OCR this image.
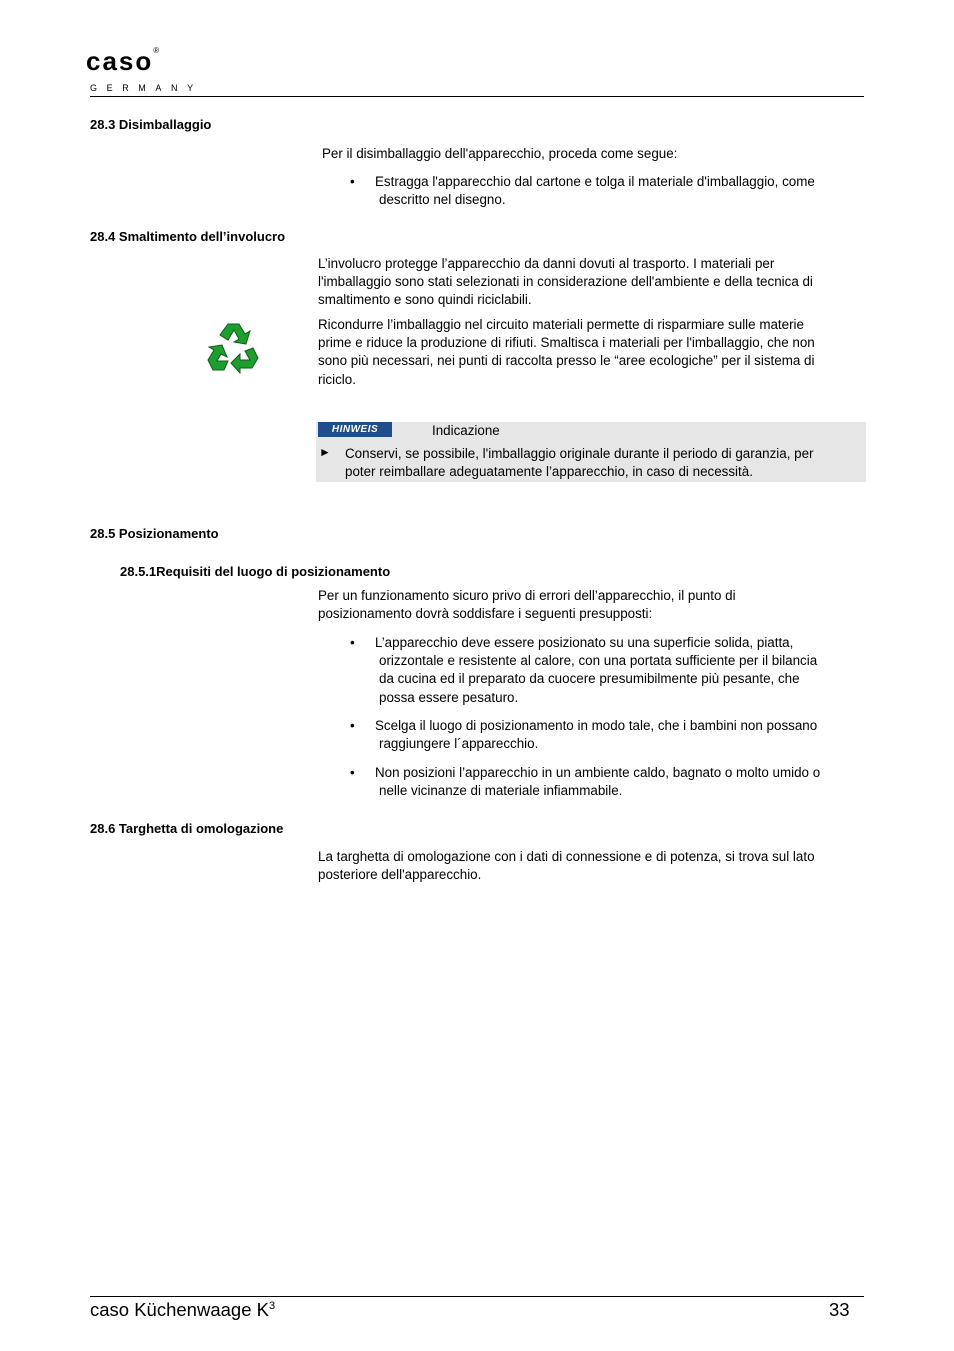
caso®
GERMANY
28.3 Disimballaggio
Per il disimballaggio dell'apparecchio, proceda come segue:
• Estragga l'apparecchio dal cartone e tolga il materiale d'imballaggio, come
descritto nel disegno.
28.4 Smaltimento dell’involucro
L’involucro protegge l’apparecchio da danni dovuti al trasporto. I materiali per
l'imballaggio sono stati selezionati in considerazione dell'ambiente e della tecnica di
smaltimento e sono quindi riciclabili.
Ricondurre l’imballaggio nel circuito materiali permette di risparmiare sulle materie
prime e riduce la produzione di rifiuti. Smaltisca i materiali per l'imballaggio, che non
sono più necessari, nei punti di raccolta presso le “aree ecologiche” per il sistema di
riciclo.
HINWEIS	Indicazione
► Conservi, se possibile, l'imballaggio originale durante il periodo di garanzia, per
poter reimballare adeguatamente l’apparecchio, in caso di necessità.
28.5 Posizionamento
28.5.1Requisiti del luogo di posizionamento
Per un funzionamento sicuro privo di errori dell’apparecchio, il punto di
posizionamento dovrà soddisfare i seguenti presupposti:
• L’apparecchio deve essere posizionato su una superficie solida, piatta,
orizzontale e resistente al calore, con una portata sufficiente per il bilancia
da cucina ed il preparato da cuocere presumibilmente più pesante, che
possa essere pesaturo.
• Scelga il luogo di posizionamento in modo tale, che i bambini non possano
raggiungere l´apparecchio.
• Non posizioni l’apparecchio in un ambiente caldo, bagnato o molto umido o
nelle vicinanze di materiale infiammabile.
28.6 Targhetta di omologazione
La targhetta di omologazione con i dati di connessione e di potenza, si trova sul lato
posteriore dell'apparecchio.
caso Küchenwaage $K^3$	33
